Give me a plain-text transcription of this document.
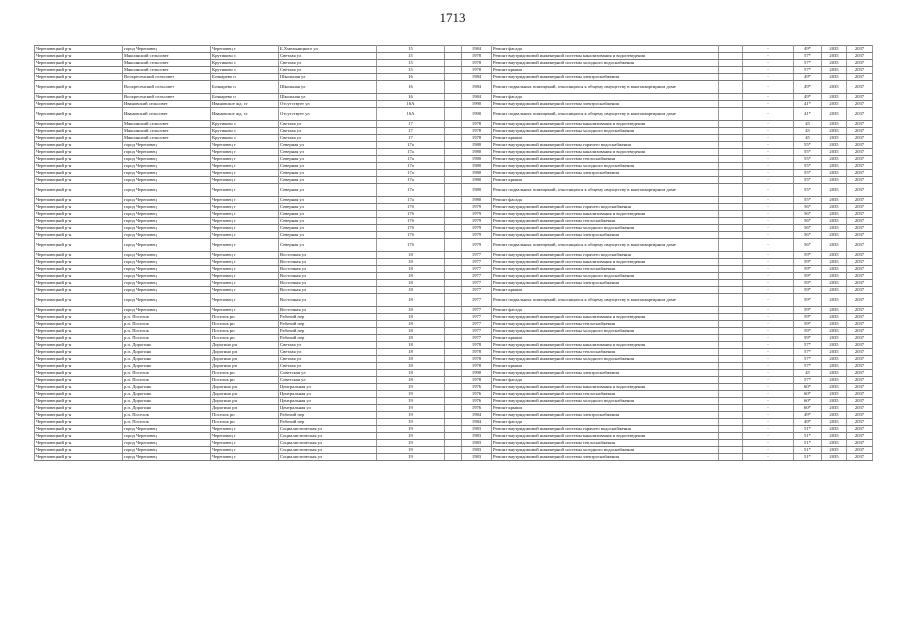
1713
Череповецкий р-н	город Череповец	Череповец г	Б.Хмельницкого ул	15		1984	Ремонт фасада		-	49*	2035	2037
Череповецкий р-н	Мяксинский сельсовет	Крутиково с	Светлая ул	15		1978	Ремонт внутридомовой инженерной системы канализования и водоотведения		-	57*	2035	2037
Череповецкий р-н	Мяксинский сельсовет	Крутиково с	Светлая ул	15		1978	Ремонт внутридомовой инженерной системы холодного водоснабжения		-	57*	2035	2037
Череповецкий р-н	Мяксинский сельсовет	Крутиково с	Светлая ул	15		1978	Ремонт крыши		-	57*	2035	2037
Череповецкий р-н	Воскресенский сельсовет	Бочкарево п	Школьная ул	16		1984	Ремонт внутридомовой инженерной системы электроснабжения		-	49*	2035	2037
Череповецкий р-н	Воскресенский сельсовет	Бочкарево п	Школьная ул	16		1984	Ремонт подвальных помещений, относящихся к общему имуществу в многоквартирном доме		-	49*	2035	2037
Череповецкий р-н	Воскресенский сельсовет	Бочкарево п	Школьная ул	16		1984	Ремонт фасада		-	49*	2035	2037
Череповецкий р-н	Ивановский сельсовет	Ивановское жд. ст	Отсутствует ул	16А		1990	Ремонт внутридомовой инженерной системы электроснабжения		-	41*	2035	2037
Череповецкий р-н	Ивановский сельсовет	Ивановское жд. ст	Отсутствует ул	16А		1990	Ремонт подвальных помещений, относящихся к общему имуществу в многоквартирном доме		-	41*	2035	2037
Череповецкий р-н	Мяксинский сельсовет	Крутиково с	Светлая ул	17		1978	Ремонт внутридомовой инженерной системы канализования и водоотведения		-	45	2035	2037
Череповецкий р-н	Мяксинский сельсовет	Крутиково с	Светлая ул	17		1978	Ремонт внутридомовой инженерной системы холодного водоснабжения		-	45	2035	2037
Череповецкий р-н	Мяксинский сельсовет	Крутиково с	Светлая ул	17		1978	Ремонт крыши		-	45	2035	2037
Череповецкий р-н	город Череповец	Череповец г	Северная ул	17а		1980	Ремонт внутридомовой инженерной системы горячего водоснабжения		-	55*	2035	2037
Череповецкий р-н	город Череповец	Череповец г	Северная ул	17а		1980	Ремонт внутридомовой инженерной системы канализования и водоотведения		-	55*	2035	2037
Череповецкий р-н	город Череповец	Череповец г	Северная ул	17а		1980	Ремонт внутридомовой инженерной системы теплоснабжения		-	55*	2035	2037
Череповецкий р-н	город Череповец	Череповец г	Северная ул	17а		1980	Ремонт внутридомовой инженерной системы холодного водоснабжения		-	55*	2035	2037
Череповецкий р-н	город Череповец	Череповец г	Северная ул	17а		1980	Ремонт внутридомовой инженерной системы электроснабжения		-	55*	2035	2037
Череповецкий р-н	город Череповец	Череповец г	Северная ул	17а		1980	Ремонт крыши		-	55*	2035	2037
Череповецкий р-н	город Череповец	Череповец г	Северная ул	17а		1980	Ремонт подвальных помещений, относящихся к общему имуществу в многоквартирном доме		-	55*	2035	2037
Череповецкий р-н	город Череповец	Череповец г	Северная ул	17а		1980	Ремонт фасада		-	55*	2035	2037
Череповецкий р-н	город Череповец	Череповец г	Северная ул	17б		1979	Ремонт внутридомовой инженерной системы горячего водоснабжения		-	56*	2035	2037
Череповецкий р-н	город Череповец	Череповец г	Северная ул	17б		1979	Ремонт внутридомовой инженерной системы канализования и водоотведения		-	56*	2035	2037
Череповецкий р-н	город Череповец	Череповец г	Северная ул	17б		1979	Ремонт внутридомовой инженерной системы теплоснабжения		-	56*	2035	2037
Череповецкий р-н	город Череповец	Череповец г	Северная ул	17б		1979	Ремонт внутридомовой инженерной системы холодного водоснабжения		-	56*	2035	2037
Череповецкий р-н	город Череповец	Череповец г	Северная ул	17б		1979	Ремонт внутридомовой инженерной системы электроснабжения		-	56*	2035	2037
Череповецкий р-н	город Череповец	Череповец г	Северная ул	17б		1979	Ремонт подвальных помещений, относящихся к общему имуществу в многоквартирном доме		-	56*	2035	2037
Череповецкий р-н	город Череповец	Череповец г	Восточная ул	18		1977	Ремонт внутридомовой инженерной системы горячего водоснабжения		-	59*	2035	2037
Череповецкий р-н	город Череповец	Череповец г	Восточная ул	18		1977	Ремонт внутридомовой инженерной системы канализования и водоотведения		-	59*	2035	2037
Череповецкий р-н	город Череповец	Череповец г	Восточная ул	18		1977	Ремонт внутридомовой инженерной системы теплоснабжения		-	59*	2035	2037
Череповецкий р-н	город Череповец	Череповец г	Восточная ул	18		1977	Ремонт внутридомовой инженерной системы холодного водоснабжения		-	59*	2035	2037
Череповецкий р-н	город Череповец	Череповец г	Восточная ул	18		1977	Ремонт внутридомовой инженерной системы электроснабжения		-	59*	2035	2037
Череповецкий р-н	город Череповец	Череповец г	Восточная ул	18		1977	Ремонт крыши		-	59*	2035	2037
Череповецкий р-н	город Череповец	Череповец г	Восточная ул	18		1977	Ремонт подвальных помещений, относящихся к общему имуществу в многоквартирном доме		-	59*	2035	2037
Череповецкий р-н	город Череповец	Череповец г	Восточная ул	18		1977	Ремонт фасада		-	59*	2035	2037
Череповецкий р-н	р.п. Поселок	Поселок рп	Рабочий пер	18		1977	Ремонт внутридомовой инженерной системы канализования и водоотведения		-	59*	2035	2037
Череповецкий р-н	р.п. Поселок	Поселок рп	Рабочий пер	18		1977	Ремонт внутридомовой инженерной системы теплоснабжения		-	59*	2035	2037
Череповецкий р-н	р.п. Поселок	Поселок рп	Рабочий пер	18		1977	Ремонт внутридомовой инженерной системы холодного водоснабжения		-	59*	2035	2037
Череповецкий р-н	р.п. Поселок	Поселок рп	Рабочий пер	18		1977	Ремонт крыши		-	59*	2035	2037
Череповецкий р-н	р.п. Дорогино	Дорогино рп	Светлая ул	18		1978	Ремонт внутридомовой инженерной системы канализования и водоотведения		-	57*	2035	2037
Череповецкий р-н	р.п. Дорогино	Дорогино рп	Светлая ул	18		1978	Ремонт внутридомовой инженерной системы теплоснабжения		-	57*	2035	2037
Череповецкий р-н	р.п. Дорогино	Дорогино рп	Светлая ул	18		1978	Ремонт внутридомовой инженерной системы холодного водоснабжения		-	57*	2035	2037
Череповецкий р-н	р.п. Дорогино	Дорогино рп	Светлая ул	18		1978	Ремонт крыши		-	57*	2035	2037
Череповецкий р-н	р.п. Поселок	Поселок рп	Советская ул	18		1990	Ремонт внутридомовой инженерной системы электроснабжения		-	45	2035	2037
Череповецкий р-н	р.п. Поселок	Поселок рп	Советская ул	18		1978	Ремонт фасада		-	57*	2035	2037
Череповецкий р-н	р.п. Дорогино	Дорогино рп	Центральная ул	19		1976	Ремонт внутридомовой инженерной системы канализования и водоотведения		-	60*	2035	2037
Череповецкий р-н	р.п. Дорогино	Дорогино рп	Центральная ул	19		1976	Ремонт внутридомовой инженерной системы теплоснабжения		-	60*	2035	2037
Череповецкий р-н	р.п. Дорогино	Дорогино рп	Центральная ул	19		1976	Ремонт внутридомовой инженерной системы холодного водоснабжения		-	60*	2035	2037
Череповецкий р-н	р.п. Дорогино	Дорогино рп	Центральная ул	19		1976	Ремонт крыши		-	60*	2035	2037
Череповецкий р-н	р.п. Поселок	Поселок рп	Рабочий пер	19		1984	Ремонт внутридомовой инженерной системы электроснабжения		-	49*	2035	2037
Череповецкий р-н	р.п. Поселок	Поселок рп	Рабочий пер	19		1984	Ремонт фасада		-	49*	2035	2037
Череповецкий р-н	город Череповец	Череповец г	Социалистическая ул	19		1983	Ремонт внутридомовой инженерной системы горячего водоснабжения		-	51*	2035	2037
Череповецкий р-н	город Череповец	Череповец г	Социалистическая ул	19		1983	Ремонт внутридомовой инженерной системы канализования и водоотведения		-	51*	2035	2037
Череповецкий р-н	город Череповец	Череповец г	Социалистическая ул	19		1983	Ремонт внутридомовой инженерной системы теплоснабжения		-	51*	2035	2037
Череповецкий р-н	город Череповец	Череповец г	Социалистическая ул	19		1983	Ремонт внутридомовой инженерной системы холодного водоснабжения		-	51*	2035	2037
Череповецкий р-н	город Череповец	Череповец г	Социалистическая ул	19		1983	Ремонт внутридомовой инженерной системы электроснабжения		-	51*	2035	2037
